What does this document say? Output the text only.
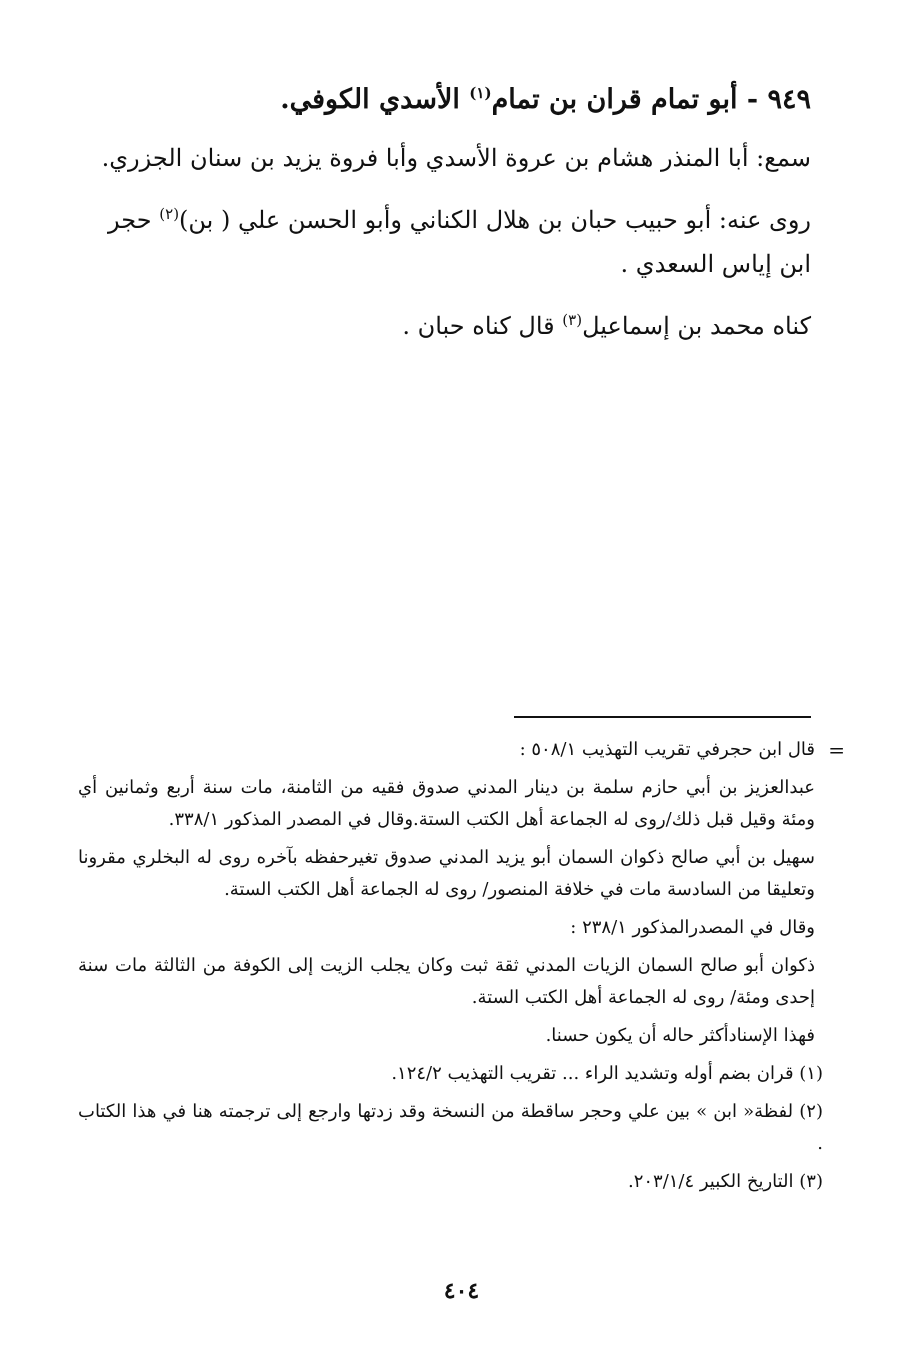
٩٤٩ - أبو تمام قران بن تمام$^{(١)}$ الأسدي الكوفي.

سمع: أبا المنذر هشام بن عروة الأسدي وأبا فروة يزيد بن سنان الجزري.

روى عنه: أبو حبيب حبان بن هلال الكناني وأبو الحسن علي ( بن)$^{(٢)}$ حجر
ابن إياس السعدي .

كناه محمد بن إسماعيل$^{(٣)}$ قال كناه حبان .

=
قال ابن حجرفي تقريب التهذيب ٥٠٨/١ :

عبدالعزيز بن أبي حازم سلمة بن دينار المدني صدوق فقيه من الثامنة، مات سنة أربع وثمانين أي ومئة وقيل قبل ذلك/روى له الجماعة أهل الكتب الستة.وقال في المصدر المذكور ٣٣٨/١.

سهيل بن أبي صالح ذكوان السمان أبو يزيد المدني صدوق تغيرحفظه بآخره روى له البخلري مقرونا وتعليقا من السادسة مات في خلافة المنصور/ روى له الجماعة أهل الكتب الستة.

وقال في المصدرالمذكور ٢٣٨/١ :

ذكوان أبو صالح السمان الزيات المدني ثقة ثبت وكان يجلب الزيت إلى الكوفة من الثالثة مات سنة إحدى ومئة/ روى له الجماعة أهل الكتب الستة.

فهذا الإسنادأكثر حاله أن يكون حسنا.

(١) قران بضم أوله وتشديد الراء ... تقريب التهذيب ١٢٤/٢.

(٢) لفظة« ابن » بين علي وحجر ساقطة من النسخة وقد زدتها وارجع إلى ترجمته هنا في هذا الكتاب .

(٣) التاريخ الكبير ٢٠٣/١/٤.

٤٠٤
